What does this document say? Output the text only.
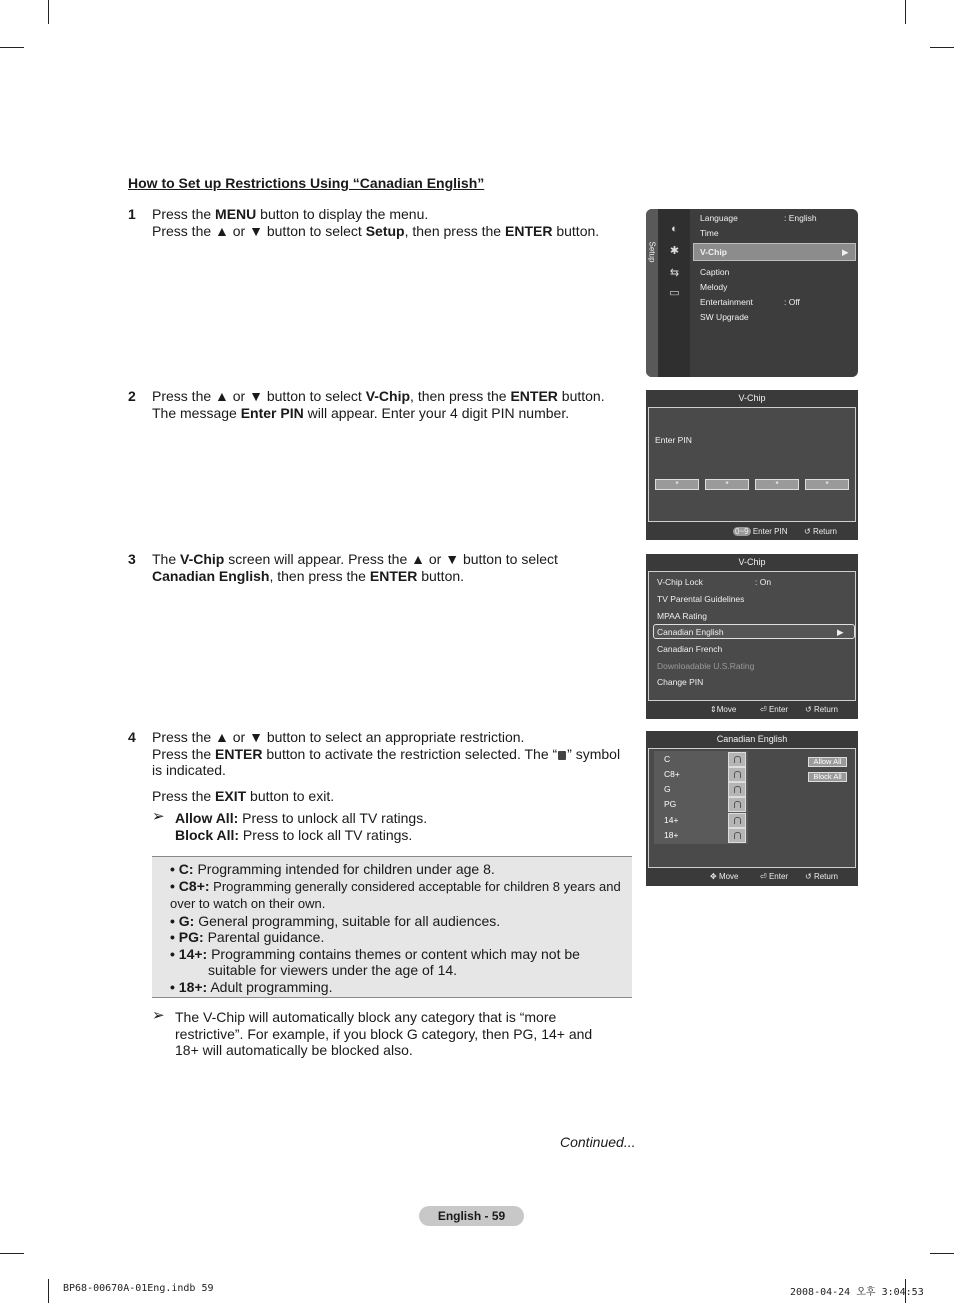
How to Set up Restrictions Using “Canadian English”
1 Press the MENU button to display the menu.
Press the ▲ or ▼ button to select Setup, then press the ENTER button.
2 Press the ▲ or ▼ button to select V-Chip, then press the ENTER button.
The message Enter PIN will appear. Enter your 4 digit PIN number.
3 The V-Chip screen will appear. Press the ▲ or ▼ button to select Canadian English, then press the ENTER button.
4 Press the ▲ or ▼ button to select an appropriate restriction.
Press the ENTER button to activate the restriction selected. The “ ” symbol is indicated.
Press the EXIT button to exit.
➢ Allow All: Press to unlock all TV ratings.
Block All: Press to lock all TV ratings.
• C: Programming intended for children under age 8.
• C8+: Programming generally considered acceptable for children 8 years and over to watch on their own.
• G: General programming, suitable for all audiences.
• PG: Parental guidance.
• 14+: Programming contains themes or content which may not be suitable for viewers under the age of 14.
• 18+: Adult programming.
➢ The V-Chip will automatically block any category that is “more restrictive”. For example, if you block G category, then PG, 14+ and 18+ will automatically be blocked also.
Continued...
English - 59
BP68-00670A-01Eng.indb 59	2008-04-24 오후 3:04:53
Setup
◐
✱
⇆
▭
Language	: English
Time
V-Chip	▶
Caption
Melody
Entertainment	: Off
SW Upgrade
V-Chip
Enter PIN
*	*	*	*
0~9 Enter PIN ↺ Return
V-Chip
V-Chip Lock	: On
TV Parental Guidelines
MPAA Rating
Canadian English	▶
Canadian French
Downloadable U.S.Rating
Change PIN
⇕Move	⏎ Enter ↺ Return
Canadian English
C
C8+
G
PG
14+
18+
Allow All
Block All
✥ Move	⏎ Enter ↺ Return
